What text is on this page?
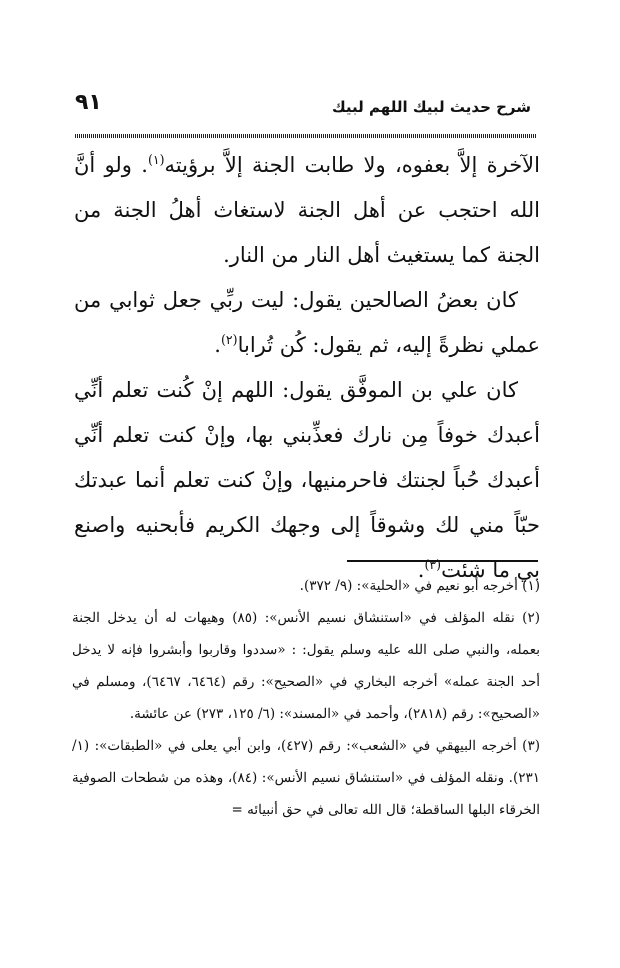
شرح حديث لبيك اللهم لبيك
٩١

الآخرة إلاَّ بعفوه، ولا طابت الجنة إلاَّ برؤيته$^{(١)}$. ولو أنَّ الله احتجب عن أهل الجنة لاستغاث أهلُ الجنة من الجنة كما يستغيث أهل النار من النار.

كان بعضُ الصالحين يقول: ليت ربِّي جعل ثوابي من عملي نظرةً إليه، ثم يقول: كُن تُرابا$^{(٢)}$.

كان علي بن الموفَّق يقول: اللهم إنْ كُنت تعلم أنِّي أعبدك خوفاً مِن نارك فعذِّبني بها، وإنْ كنت تعلم أنِّي أعبدك حُباً لجنتك فاحرمنيها، وإنْ كنت تعلم أنما عبدتك حبّاً مني لك وشوقاً إلى وجهك الكريم فأبحنيه واصنع بي ما شئت$^{(٣)}$.

(١) أخرجه أبو نعيم في «الحلية»: (٩/ ٣٧٢).

(٢) نقله المؤلف في «استنشاق نسيم الأنس»: (٨٥) وهيهات له أن يدخل الجنة بعمله، والنبي صلى الله عليه وسلم يقول: : «سددوا وقاربوا وأبشروا فإنه لا يدخل أحد الجنة عمله» أخرجه البخاري في «الصحيح»: رقم (٦٤٦٤، ٦٤٦٧)، ومسلم في «الصحيح»: رقم (٢٨١٨)، وأحمد في «المسند»: (٦/ ١٢٥، ٢٧٣) عن عائشة.

(٣) أخرجه البيهقي في «الشعب»: رقم (٤٢٧)، وابن أبي يعلى في «الطبقات»: (١/ ٢٣١). ونقله المؤلف في «استنشاق نسيم الأنس»: (٨٤)، وهذه من شطحات الصوفية الخرقاء البلها الساقطة؛ قال الله تعالى في حق أنبيائه =
